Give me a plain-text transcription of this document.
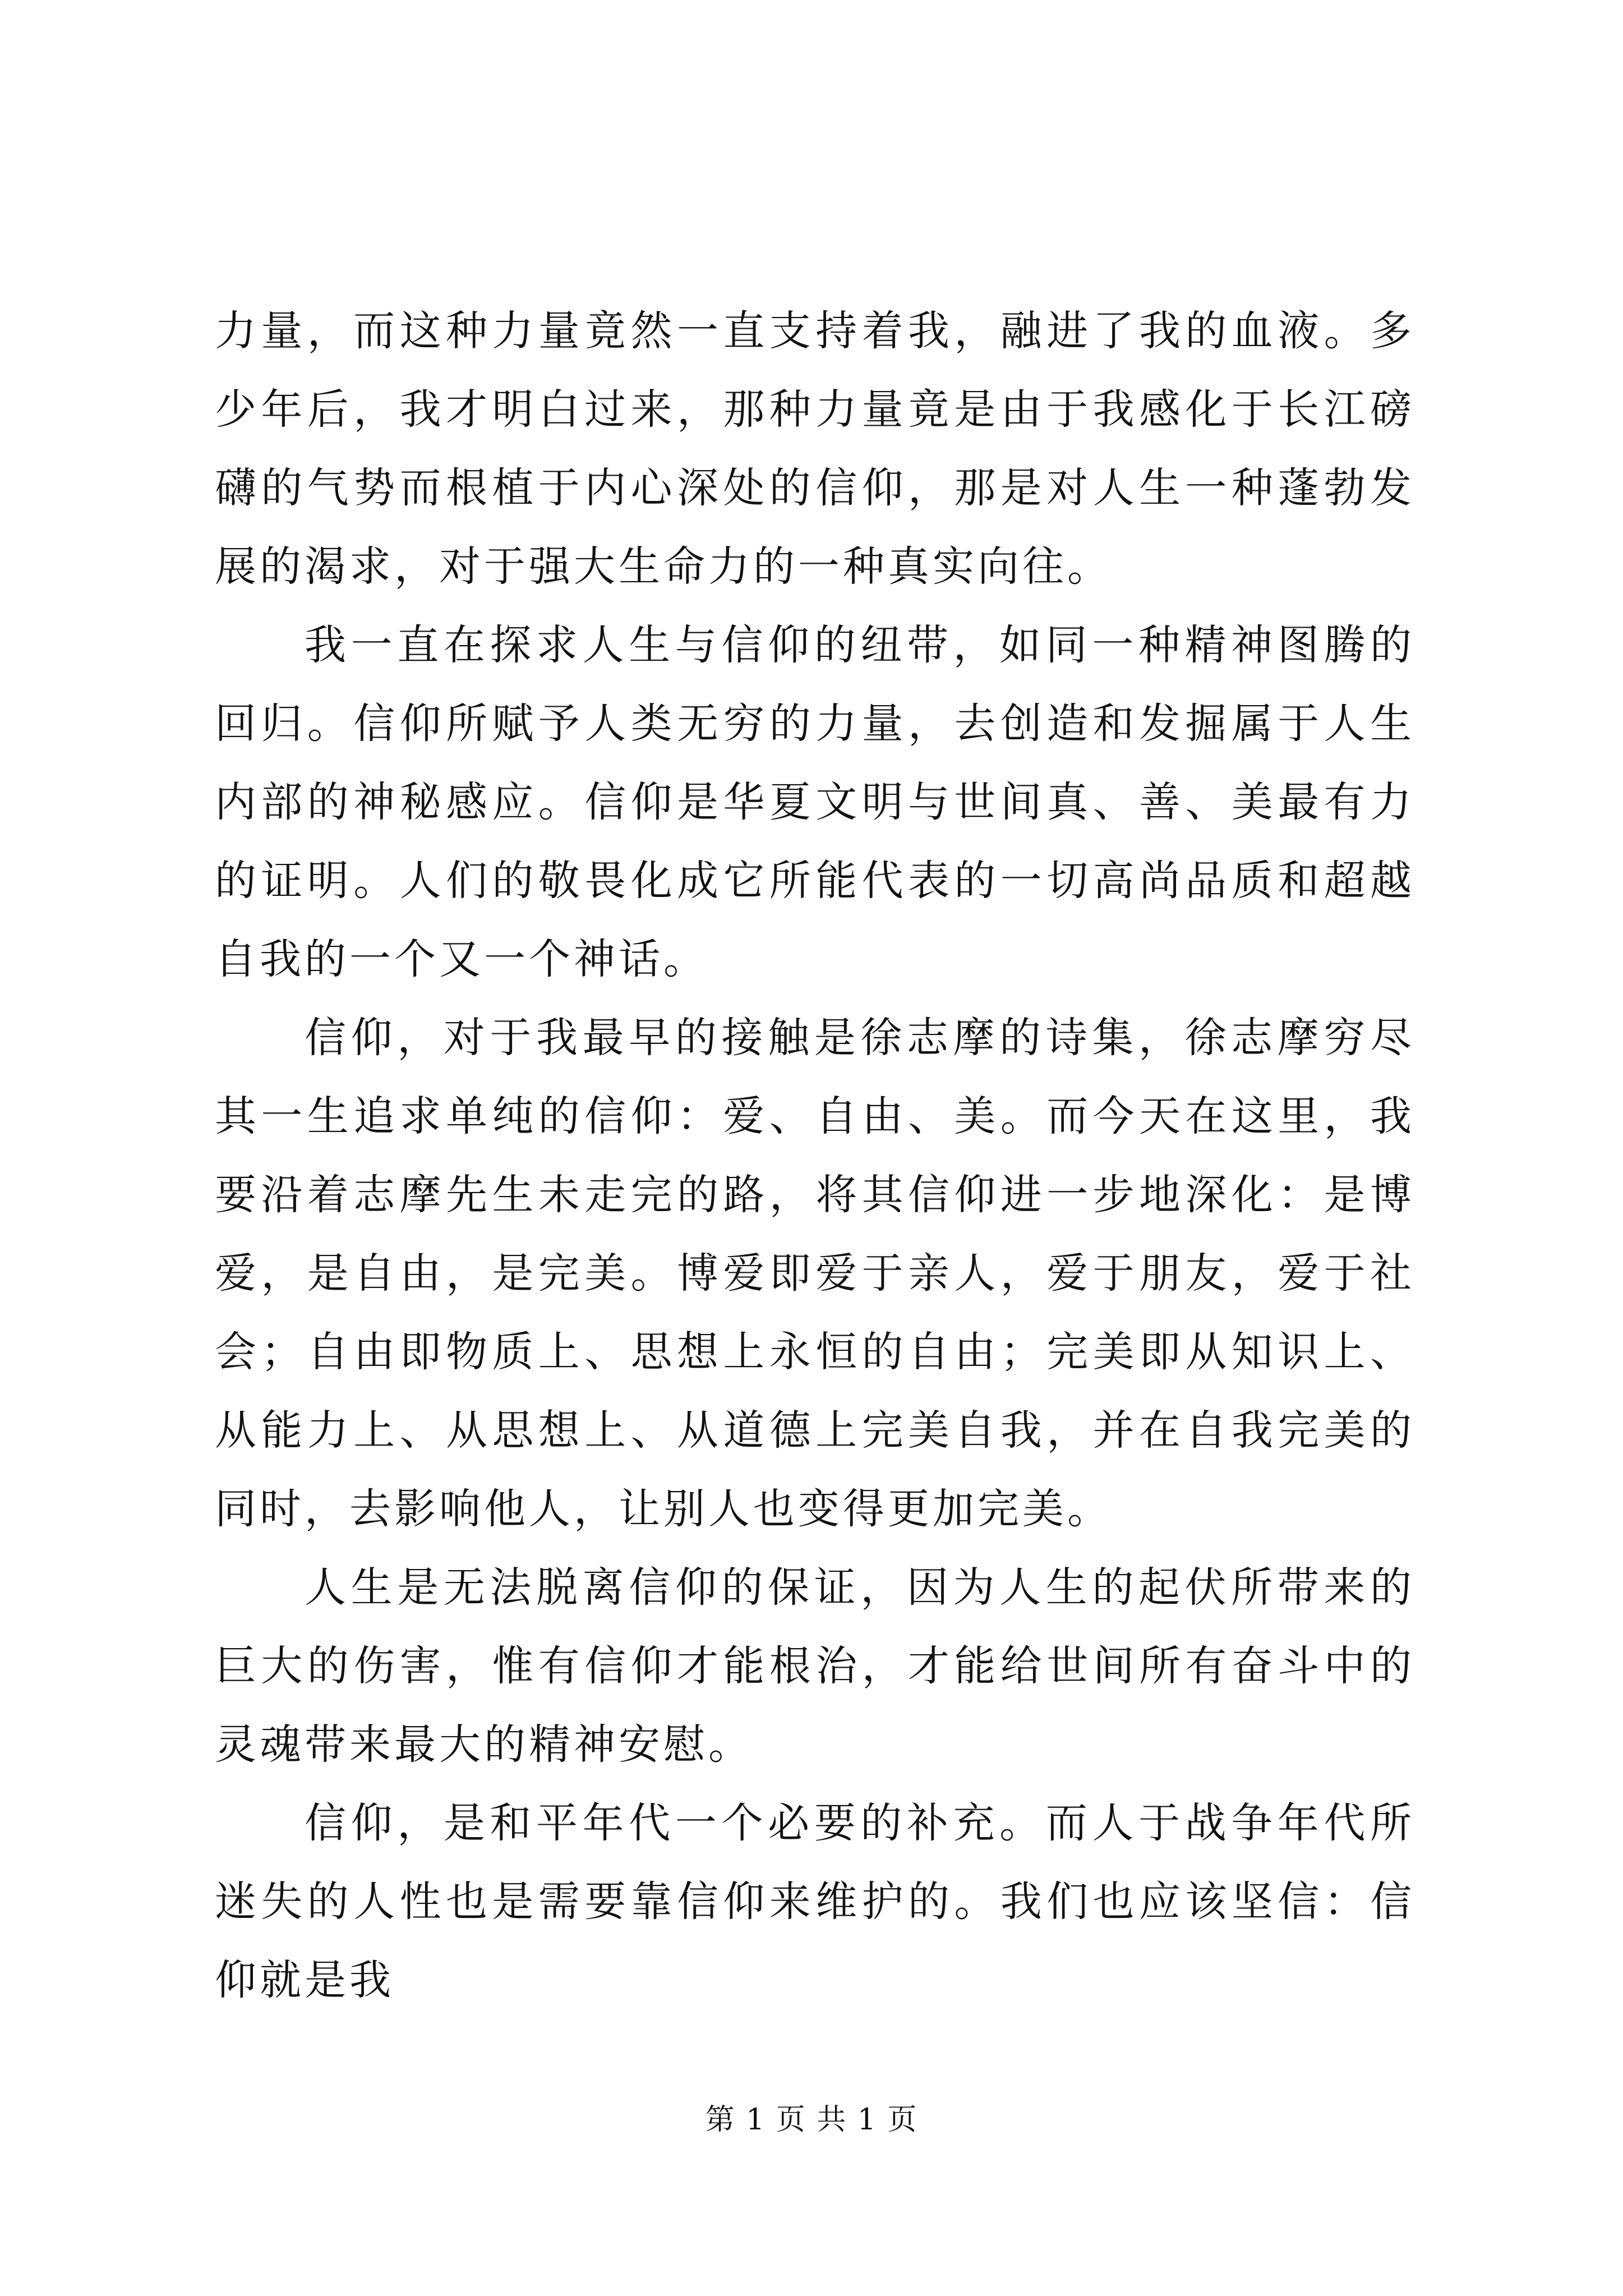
力量，而这种力量竟然一直支持着我，融进了我的血液。多少年后，我才明白过来，那种力量竟是由于我感化于长江磅礴的气势而根植于内心深处的信仰，那是对人生一种蓬勃发展的渴求，对于强大生命力的一种真实向往。

我一直在探求人生与信仰的纽带，如同一种精神图腾的回归。信仰所赋予人类无穷的力量，去创造和发掘属于人生内部的神秘感应。信仰是华夏文明与世间真、善、美最有力的证明。人们的敬畏化成它所能代表的一切高尚品质和超越自我的一个又一个神话。

信仰，对于我最早的接触是徐志摩的诗集，徐志摩穷尽其一生追求单纯的信仰：爱、自由、美。而今天在这里，我要沿着志摩先生未走完的路，将其信仰进一步地深化：是博爱，是自由，是完美。博爱即爱于亲人，爱于朋友，爱于社会；自由即物质上、思想上永恒的自由；完美即从知识上、从能力上、从思想上、从道德上完美自我，并在自我完美的同时，去影响他人，让别人也变得更加完美。

人生是无法脱离信仰的保证，因为人生的起伏所带来的巨大的伤害，惟有信仰才能根治，才能给世间所有奋斗中的灵魂带来最大的精神安慰。

信仰，是和平年代一个必要的补充。而人于战争年代所迷失的人性也是需要靠信仰来维护的。我们也应该坚信：信仰就是我

第 1 页 共 1 页
